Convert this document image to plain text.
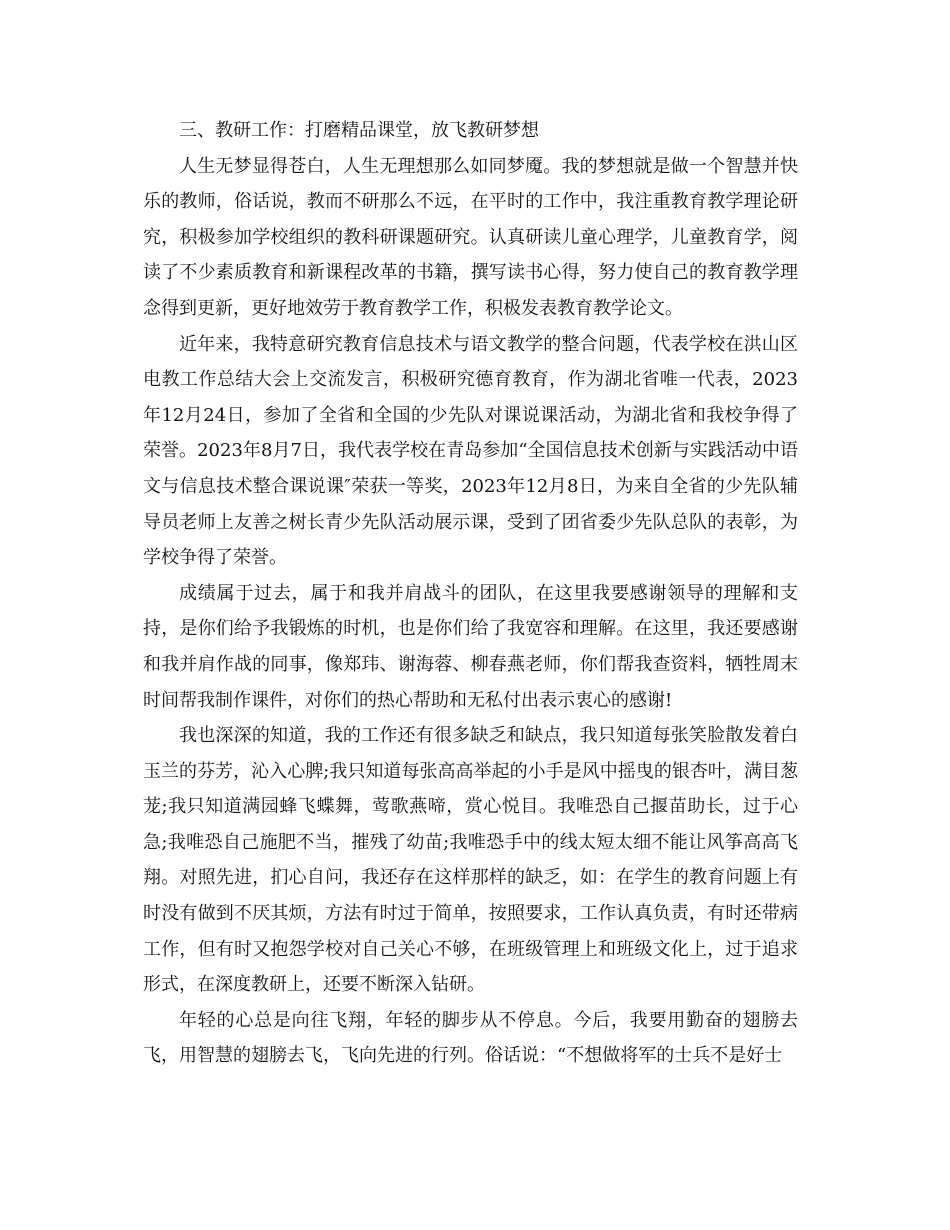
三、教研工作：打磨精品课堂，放飞教研梦想

人生无梦显得苍白，人生无理想那么如同梦魇。我的梦想就是做一个智慧并快乐的教师，俗话说，教而不研那么不远，在平时的工作中，我注重教育教学理论研究，积极参加学校组织的教科研课题研究。认真研读儿童心理学，儿童教育学，阅读了不少素质教育和新课程改革的书籍，撰写读书心得，努力使自己的教育教学理念得到更新，更好地效劳于教育教学工作，积极发表教育教学论文。

近年来，我特意研究教育信息技术与语文教学的整合问题，代表学校在洪山区电教工作总结大会上交流发言，积极研究德育教育，作为湖北省唯一代表，2023年12月24日，参加了全省和全国的少先队对课说课活动，为湖北省和我校争得了荣誉。2023年8月7日，我代表学校在青岛参加“全国信息技术创新与实践活动中语文与信息技术整合课说课″荣获一等奖，2023年12月8日，为来自全省的少先队辅导员老师上友善之树长青少先队活动展示课，受到了团省委少先队总队的表彰，为学校争得了荣誉。

成绩属于过去，属于和我并肩战斗的团队，在这里我要感谢领导的理解和支持，是你们给予我锻炼的时机，也是你们给了我宽容和理解。在这里，我还要感谢和我并肩作战的同事，像郑玮、谢海蓉、柳春燕老师，你们帮我查资料，牺牲周末时间帮我制作课件，对你们的热心帮助和无私付出表示衷心的感谢!

我也深深的知道，我的工作还有很多缺乏和缺点，我只知道每张笑脸散发着白玉兰的芬芳，沁入心脾;我只知道每张高高举起的小手是风中摇曳的银杏叶，满目葱茏;我只知道满园蜂飞蝶舞，莺歌燕啼，赏心悦目。我唯恐自己揠苗助长，过于心急;我唯恐自己施肥不当，摧残了幼苗;我唯恐手中的线太短太细不能让风筝高高飞翔。对照先进，扪心自问，我还存在这样那样的缺乏，如：在学生的教育问题上有时没有做到不厌其烦，方法有时过于简单，按照要求，工作认真负责，有时还带病工作，但有时又抱怨学校对自己关心不够，在班级管理上和班级文化上，过于追求形式，在深度教研上，还要不断深入钻研。

年轻的心总是向往飞翔，年轻的脚步从不停息。今后，我要用勤奋的翅膀去飞，用智慧的翅膀去飞，飞向先进的行列。俗话说：“不想做将军的士兵不是好士
